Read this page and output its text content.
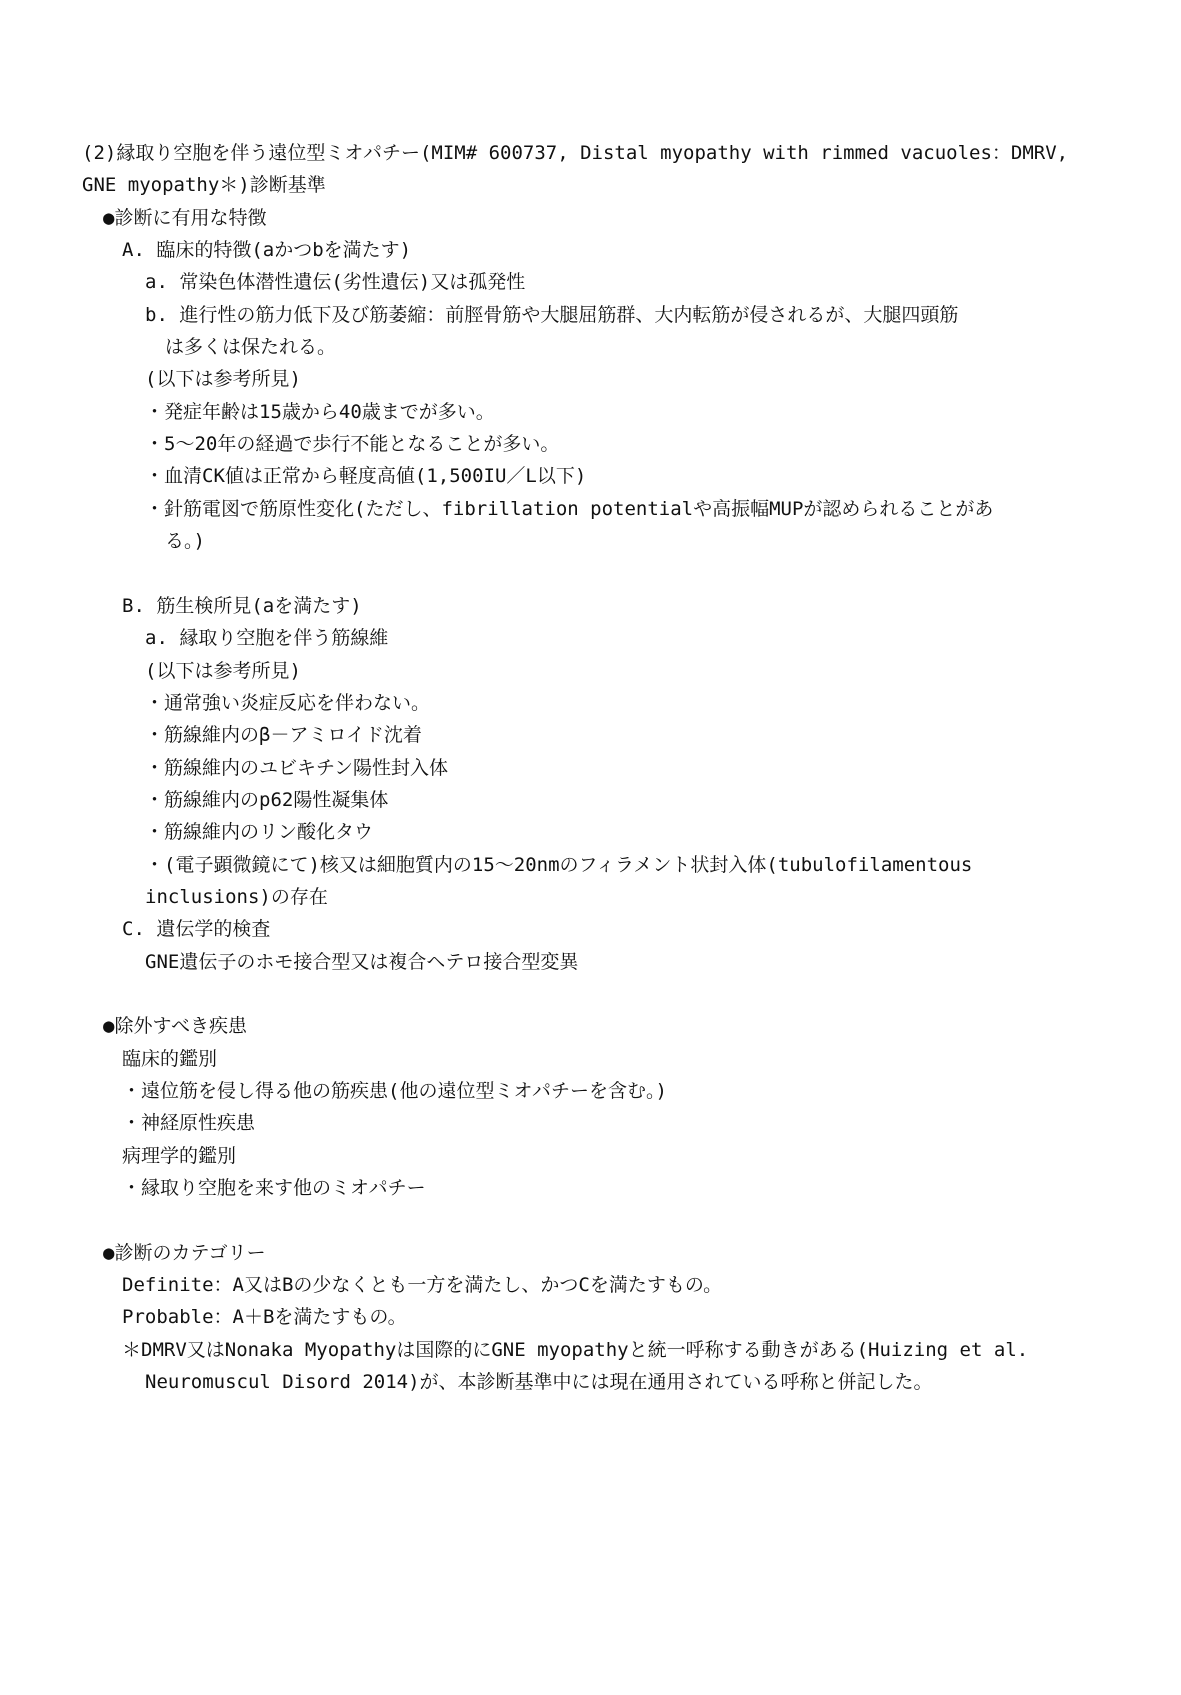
(2)縁取り空胞を伴う遠位型ミオパチー(MIM# 600737, Distal myopathy with rimmed vacuoles：DMRV,
GNE myopathy＊)診断基準
●診断に有用な特徴
A. 臨床的特徴(aかつbを満たす)
a. 常染色体潜性遺伝(劣性遺伝)又は孤発性
b. 進行性の筋力低下及び筋萎縮：前脛骨筋や大腿屈筋群、大内転筋が侵されるが、大腿四頭筋
は多くは保たれる。
(以下は参考所見)
・発症年齢は15歳から40歳までが多い。
・5～20年の経過で歩行不能となることが多い。
・血清CK値は正常から軽度高値(1,500IU／L以下)
・針筋電図で筋原性変化(ただし、fibrillation potentialや高振幅MUPが認められることがあ
る。)
B. 筋生検所見(aを満たす)
a. 縁取り空胞を伴う筋線維
(以下は参考所見)
・通常強い炎症反応を伴わない。
・筋線維内のβ－アミロイド沈着
・筋線維内のユビキチン陽性封入体
・筋線維内のp62陽性凝集体
・筋線維内のリン酸化タウ
・(電子顕微鏡にて)核又は細胞質内の15～20nmのフィラメント状封入体(tubulofilamentous
inclusions)の存在
C. 遺伝学的検査
GNE遺伝子のホモ接合型又は複合ヘテロ接合型変異
●除外すべき疾患
臨床的鑑別
・遠位筋を侵し得る他の筋疾患(他の遠位型ミオパチーを含む。)
・神経原性疾患
病理学的鑑別
・縁取り空胞を来す他のミオパチー
●診断のカテゴリー
Definite：A又はBの少なくとも一方を満たし、かつCを満たすもの。
Probable：A＋Bを満たすもの。
＊DMRV又はNonaka Myopathyは国際的にGNE myopathyと統一呼称する動きがある(Huizing et al.
Neuromuscul Disord 2014)が、本診断基準中には現在通用されている呼称と併記した。
